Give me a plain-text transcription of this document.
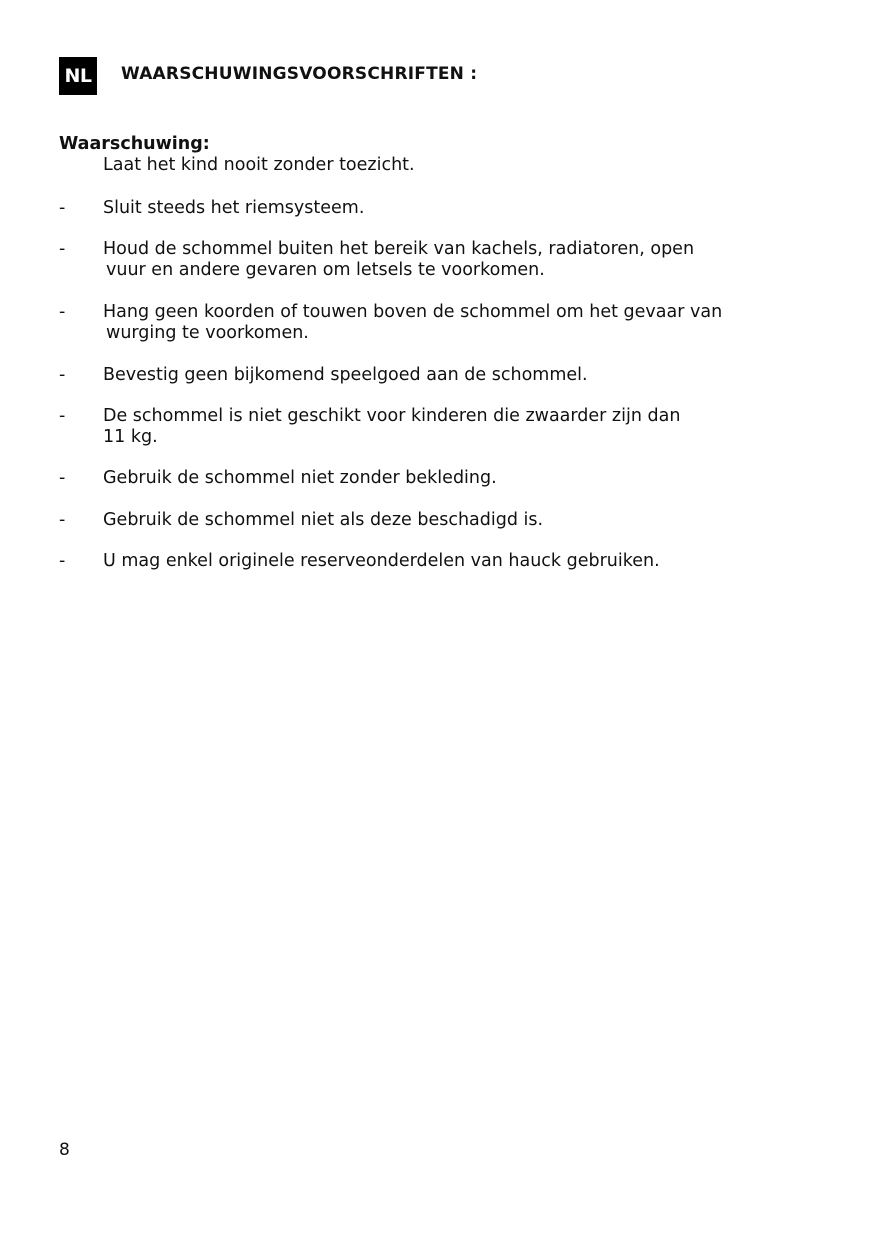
NL	WAARSCHUWINGSVOORSCHRIFTEN :
Waarschuwing:
Laat het kind nooit zonder toezicht.
- Sluit steeds het riemsysteem.
- Houd de schommel buiten het bereik van kachels, radiatoren, open
vuur en andere gevaren om letsels te voorkomen.
- Hang geen koorden of touwen boven de schommel om het gevaar van
wurging te voorkomen.
- Bevestig geen bijkomend speelgoed aan de schommel.
- De schommel is niet geschikt voor kinderen die zwaarder zijn dan
11 kg.
- Gebruik de schommel niet zonder bekleding.
- Gebruik de schommel niet als deze beschadigd is.
- U mag enkel originele reserveonderdelen van hauck gebruiken.
8
